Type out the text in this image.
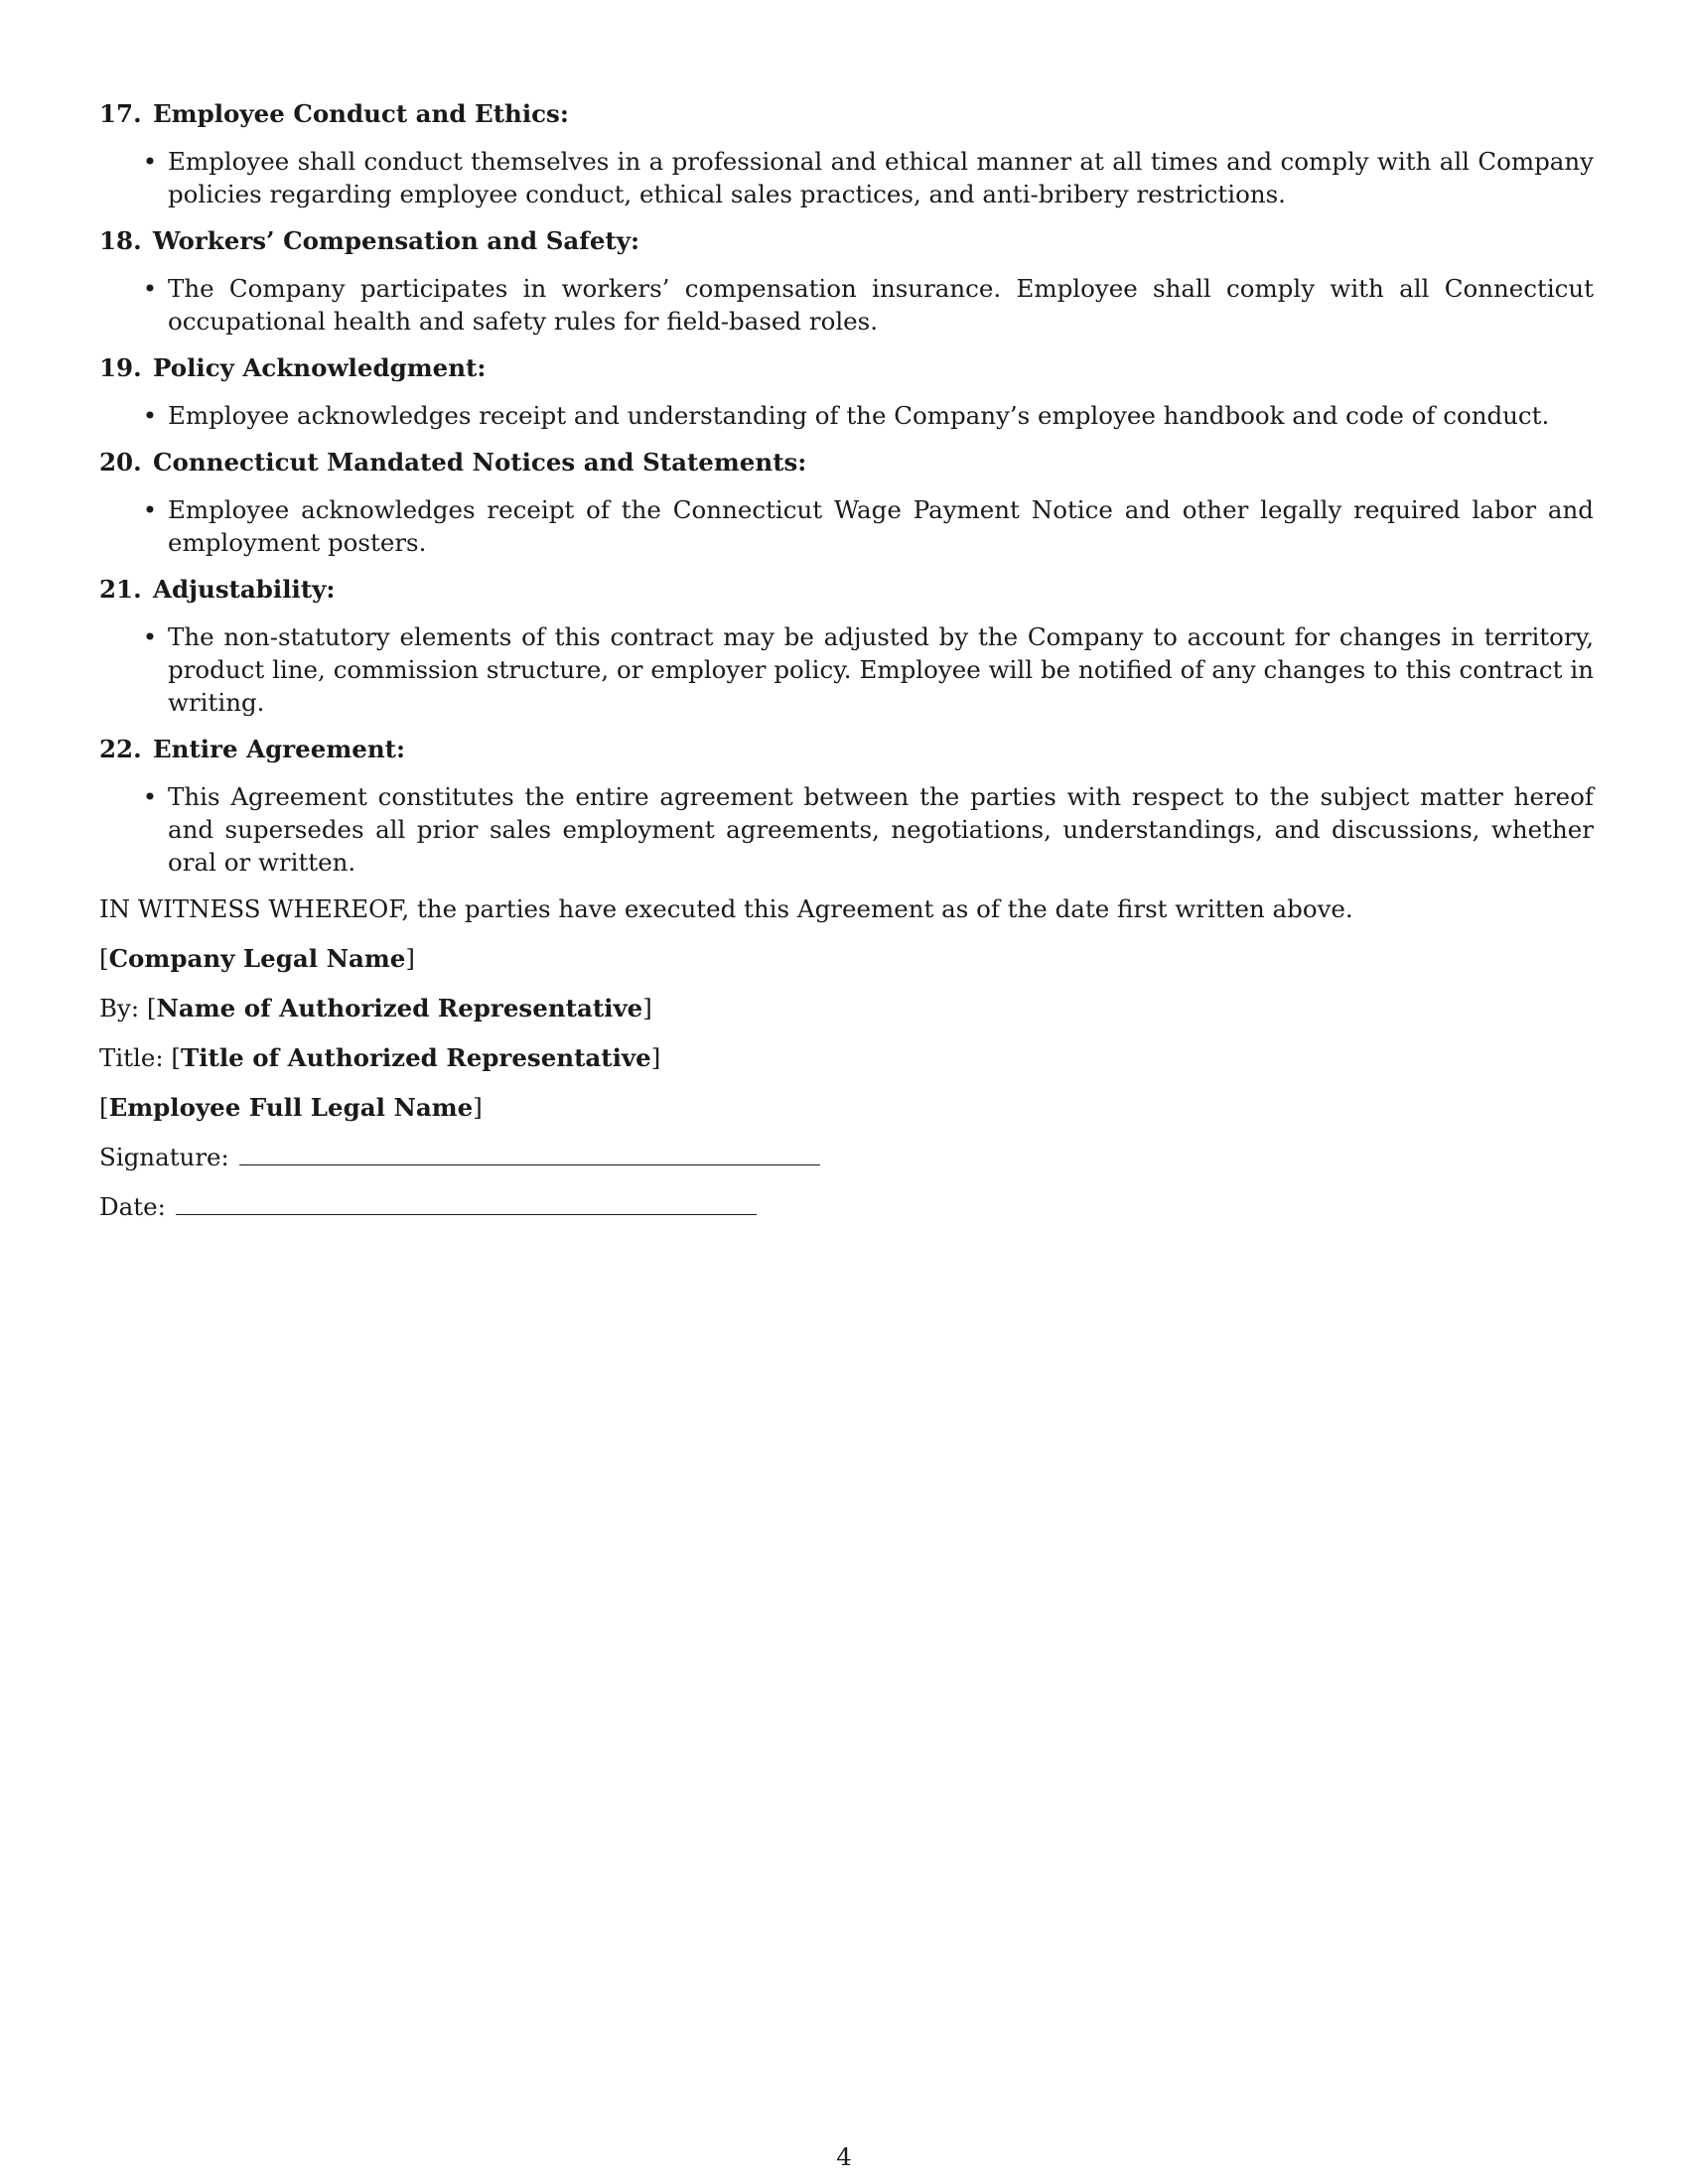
17. Employee Conduct and Ethics:
• Employee shall conduct themselves in a professional and ethical manner at all times and comply with all Company policies regarding employee conduct, ethical sales practices, and anti-bribery restrictions.
18. Workers’ Compensation and Safety:
• The Company participates in workers’ compensation insurance. Employee shall comply with all Connecticut occupational health and safety rules for field-based roles.
19. Policy Acknowledgment:
• Employee acknowledges receipt and understanding of the Company’s employee handbook and code of conduct.
20. Connecticut Mandated Notices and Statements:
• Employee acknowledges receipt of the Connecticut Wage Payment Notice and other legally required labor and employment posters.
21. Adjustability:
• The non-statutory elements of this contract may be adjusted by the Company to account for changes in territory, product line, commission structure, or employer policy. Employee will be notified of any changes to this contract in writing.
22. Entire Agreement:
• This Agreement constitutes the entire agreement between the parties with respect to the subject matter hereof and supersedes all prior sales employment agreements, negotiations, understandings, and discussions, whether oral or written.

IN WITNESS WHEREOF, the parties have executed this Agreement as of the date first written above.

[Company Legal Name]

By: [Name of Authorized Representative]

Title: [Title of Authorized Representative]

[Employee Full Legal Name]

Signature:

Date:

4
